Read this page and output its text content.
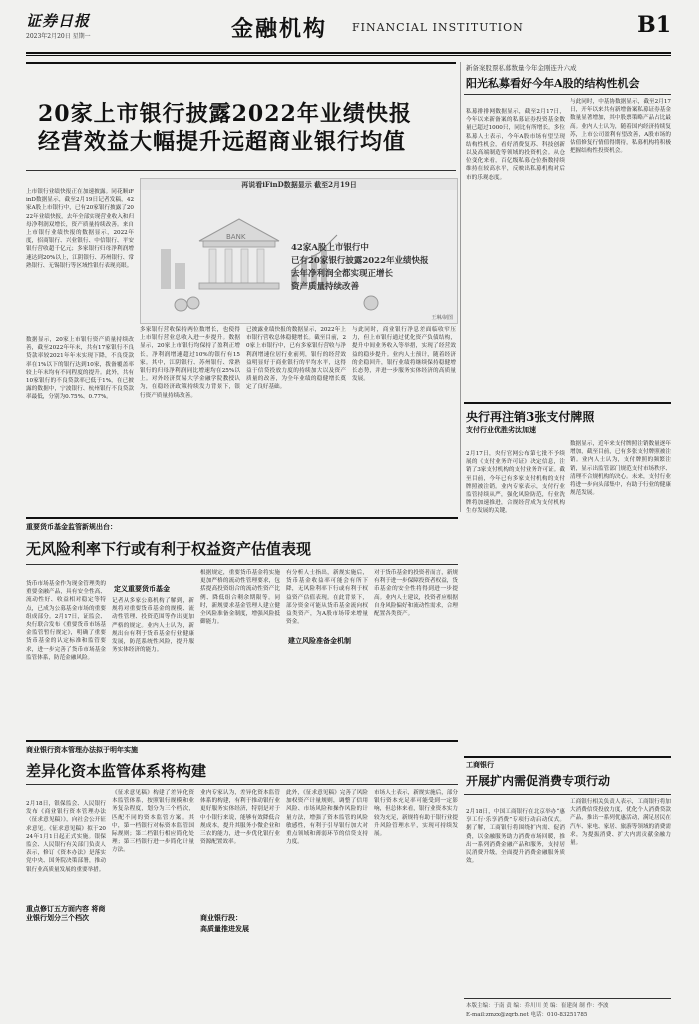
证券日报
2023年2月20日 星期一	金融机构 FINANCIAL INSTITUTION	B1
20家上市银行披露2022年业绩快报
经营效益大幅提升远超商业银行均值
上市银行业绩快报正在加速披露。同花顺iFinD数据显示，截至2月19日记者发稿，42家A股上市银行中，已有20家银行披露了2022年业绩快报，去年全部实现营业收入和归母净利润双增长，资产质量持续改善。来自上市银行业绩快报的数据显示，2022年度，招商银行、兴业银行、中信银行、平安银行营收超千亿元；多家银行归母净利润增速达到20%以上，江阴银行、苏州银行、常熟银行、无锡银行等区域性银行表现亮眼。
数据显示，20家上市银行资产质量持续改善，截至2022年年末，共有17家银行不良贷款率较2021年年末实现下降，不良贷款率在1%以下的银行达到10家，拨备覆盖率较上年末均有不同程度的提升。此外，共有10家银行的不良贷款率已低于1%，在已披露的数据中，宁波银行、杭州银行不良贷款率最低，分别为0.75%、0.77%。
再说看iFinD数据显示 截至2月19日
BANK
42家A股上市银行中
已有20家银行披露2022年业绩快报
去年净利润全都实现正增长
资产质量持续改善
王琳/制图
多家银行营收保持两位数增长，也使得上市银行营业总收入进一步提升。数据显示，20家上市银行均保持了盈利正增长，净利润增速超过10%的银行有15家。其中，江阴银行、苏州银行、常熟银行的归母净利润同比增速均在25%以上。对外经济贸易大学金融学院教授认为，在稳经济政策持续发力背景下，银行资产质量持续改善。
已披露业绩快报的数据显示，2022年上市银行营收总体稳健增长。截至目前，20家上市银行中，已有多家银行营收与净利润增速位居行业前列，银行的经营效益明显好于商业银行的平均水平，这得益于信贷投放力度的持续加大以及资产质量的改善，为全年业绩的稳健增长奠定了良好基础。
与此同时，商业银行净息差面临收窄压力，但上市银行通过优化资产负债结构，提升中间业务收入等举措，实现了经营效益的稳步提升。业内人士预计，随着经济的企稳回升，银行业绩将继续保持稳健增长态势，并进一步服务实体经济的高质量发展。
新备案股票私募数量今年金刚连升六成
阳光私募看好今年A股的结构性机会
私募排排网数据显示，截至2月17日，今年以来新备案的私募证券投资基金数量已超过1000只，同比有所增长。多位私募人士表示，今年A股市场有望呈现结构性机会，看好消费复苏、科技创新以及高端制造等领域的投资机会。从仓位变化来看，百亿级私募仓位指数持续维持在较高水平，反映出私募机构对后市的乐观态度。
与此同时，中基协数据显示，截至2月17日，开年以来共有新增备案私募证券基金数量显著增加，其中股票策略产品占比最高。业内人士认为，随着国内经济持续复苏，上市公司盈利有望改善，A股市场的估值修复行情值得期待，私募机构将积极把握结构性投资机会。
央行再注销3张支付牌照
支付行业优胜劣汰加速
2月17日，央行官网公布第七批不予续展的《支付业务许可证》决定信息，注销了3家支付机构的支付业务许可证。截至目前，今年已有多家支付机构的支付牌照被注销。业内专家表示，支付行业监管持续从严，强化风险防范，行业洗牌将加速推进，合规经营成为支付机构生存发展的关键。
数据显示，近年来支付牌照注销数量逐年增加，截至目前，已有多张支付牌照被注销。业内人士认为，支付牌照的频繁注销，显示出监管部门规范支付市场秩序、清理不合规机构的决心。未来，支付行业将进一步向头部集中，有助于行业的健康规范发展。
重要货币基金监管新规出台：
无风险利率下行或有利于权益资产估值表现
货币市场基金作为现金管理类的重要金融产品，具有安全性高、流动性好、收益相对稳定等特点，已成为公募基金市场的重要组成部分。2月17日，证监会、央行联合发布《重要货币市场基金监管暂行规定》，明确了重要货币基金的认定标准和监管要求，进一步完善了货币市场基金监管体系，防范金融风险。
定义重要货币基金
记者从多家公募机构了解到，新规将对重要货币基金的规模、流动性管理、投资范围等作出更加严格的规定。业内人士认为，新规出台有利于货币基金行业健康发展，防范系统性风险，提升服务实体经济的能力。
根据规定，重要货币基金将实施更加严格的流动性管理要求，包括提高投资组合的流动性资产比例、降低组合剩余期限等。同时，新规要求基金管理人建立健全风险准备金制度，增强风险抵御能力。
建立风险准备金机制
有分析人士指出，新规实施后，货币基金收益率可能会有所下降，无风险利率下行或有利于权益资产估值表现。在此背景下，部分资金可能从货币基金流向权益类资产，为A股市场带来增量资金。
对于货币基金的投资者而言，新规有利于进一步保障投资者权益，货币基金的安全性将得到进一步提高。业内人士建议，投资者应根据自身风险偏好和流动性需求，合理配置各类资产。
商业银行资本管理办法拟于明年实施
差异化资本监管体系将构建
2月18日，银保监会、人民银行发布《商业银行资本管理办法（征求意见稿）》，向社会公开征求意见。《征求意见稿》拟于2024年1月1日起正式实施。银保监会、人民银行有关部门负责人表示，修订《资本办法》是落实党中央、国务院决策部署，推动银行业高质量发展的重要举措。
重点修订五方面内容 将商业银行划分三个档次
《征求意见稿》构建了差异化资本监管体系，按照银行规模和业务复杂程度，划分为三个档次，匹配不同的资本监管方案。其中，第一档银行对标资本监管国际规则；第二档银行相应简化处理；第三档银行进一步简化计量方法。
业内专家认为，差异化资本监管体系的构建，有利于推动银行业更好服务实体经济，特别是对于中小银行来说，能够有效降低合规成本，提升其服务小微企业和三农的能力，进一步优化银行业资源配置效率。
商业银行段：
高质量推进发展
此外，《征求意见稿》完善了风险加权资产计量规则，调整了信用风险、市场风险和操作风险的计量方法，增强了资本监管的风险敏感性，有利于引导银行加大对重点领域和薄弱环节的信贷支持力度。
市场人士表示，新规实施后，部分银行资本充足率可能受到一定影响，但总体来看，银行业资本实力较为充足，新规将有助于银行业提升风险管理水平，实现可持续发展。
工商银行
开展扩内需促消费专项行动
2月18日，中国工商银行在北京举办“惠享工行·乐享消费”专项行动启动仪式。据了解，工商银行将围绕扩内需、促消费，以金融服务助力消费市场回暖，推出一系列消费金融产品和服务，支持居民消费升级，全面提升消费金融服务质效。
工商银行相关负责人表示，工商银行将加大消费信贷投放力度，优化个人消费贷款产品，推出一系列优惠活动，满足居民在汽车、家电、家居、旅游等领域的消费需求，为提振消费、扩大内需贡献金融力量。
本版主编：于南 责 编：乔川川 美 编：崔建岗 制 作：李波
E-mail:zmzx@zqrb.net 电话：010-83251785
